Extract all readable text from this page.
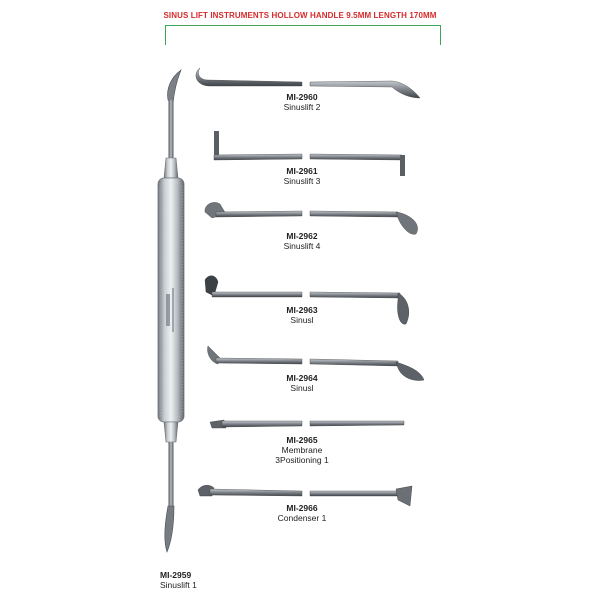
SINUS LIFT INSTRUMENTS HOLLOW HANDLE 9.5MM LENGTH 170MM
MI-2960
Sinuslift 2
MI-2961
Sinuslift 3
MI-2962
Sinuslift 4
MI-2963
Sinusl
MI-2964
Sinusl
MI-2965
Membrane
3Positioning 1
MI-2966
Condenser 1
MI-2959
Sinuslift 1
